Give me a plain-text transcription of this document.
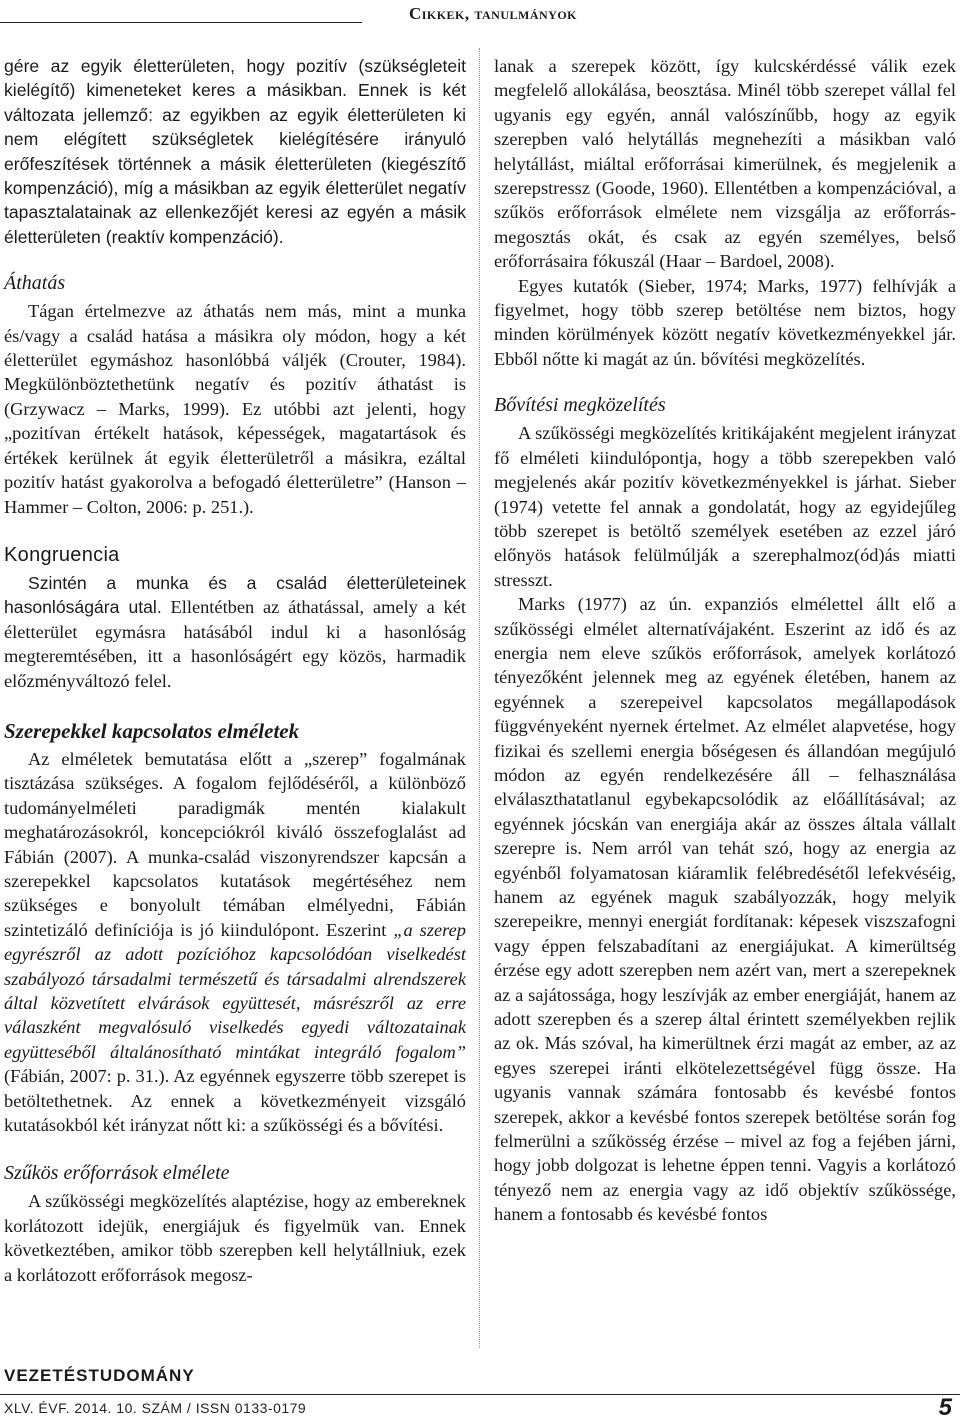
Cikkek, tanulmányok

gére az egyik életterületen, hogy pozitív (szükségleteit kielégítő) kimeneteket keres a másikban. Ennek is két változata jellemző: az egyikben az egyik életterületen ki nem elégített szükségletek kielégítésére irányuló erőfeszítések történnek a másik életterületen (kiegészítő kompenzáció), míg a másikban az egyik életterület negatív tapasztalatainak az ellenkezőjét keresi az egyén a másik életterületen (reaktív kompenzáció).

Áthatás

Tágan értelmezve az áthatás nem más, mint a munka és/vagy a család hatása a másikra oly módon, hogy a két életterület egymáshoz hasonlóbbá váljék (Crouter, 1984). Megkülönböztethetünk negatív és pozitív áthatást is (Grzywacz – Marks, 1999). Ez utóbbi azt jelenti, hogy „pozitívan értékelt hatások, képességek, magatartások és értékek kerülnek át egyik életterületről a másikra, ezáltal pozitív hatást gyakorolva a befogadó életterületre” (Hanson – Hammer – Colton, 2006: p. 251.).

Kongruencia

Szintén a munka és a család életterületeinek hasonlóságára utal. Ellentétben az áthatással, amely a két életterület egymásra hatásából indul ki a hasonlóság megteremtésében, itt a hasonlóságért egy közös, harmadik előzményváltozó felel.

Szerepekkel kapcsolatos elméletek

Az elméletek bemutatása előtt a „szerep” fogalmának tisztázása szükséges. A fogalom fejlődéséről, a különböző tudományelméleti paradigmák mentén kialakult meghatározásokról, koncepciókról kiváló összefoglalást ad Fábián (2007). A munka-család viszonyrendszer kapcsán a szerepekkel kapcsolatos kutatások megértéséhez nem szükséges e bonyolult témában elmélyedni, Fábián szintetizáló definíciója is jó kiindulópont. Eszerint „a szerep egyrészről az adott pozícióhoz kapcsolódóan viselkedést szabályozó társadalmi természetű és társadalmi alrendszerek által közvetített elvárások együttesét, másrészről az erre válaszként megvalósuló viselkedés egyedi változatainak együtteséből általánosítható mintákat integráló fogalom” (Fábián, 2007: p. 31.). Az egyénnek egyszerre több szerepet is betöltethetnek. Az ennek a következményeit vizsgáló kutatásokból két irányzat nőtt ki: a szűkösségi és a bővítési.

Szűkös erőforrások elmélete

A szűkösségi megközelítés alaptézise, hogy az embereknek korlátozott idejük, energiájuk és figyelmük van. Ennek következtében, amikor több szerepben kell helytállniuk, ezek a korlátozott erőforrások megosz-

lanak a szerepek között, így kulcskérdéssé válik ezek megfelelő allokálása, beosztása. Minél több szerepet vállal fel ugyanis egy egyén, annál valószínűbb, hogy az egyik szerepben való helytállás megnehezíti a másikban való helytállást, miáltal erőforrásai kimerülnek, és megjelenik a szerepstressz (Goode, 1960). Ellentétben a kompenzációval, a szűkös erőforrások elmélete nem vizsgálja az erőforrás-megosztás okát, és csak az egyén személyes, belső erőforrásaira fókuszál (Haar – Bardoel, 2008).

Egyes kutatók (Sieber, 1974; Marks, 1977) felhívják a figyelmet, hogy több szerep betöltése nem biztos, hogy minden körülmények között negatív következményekkel jár. Ebből nőtte ki magát az ún. bővítési megközelítés.

Bővítési megközelítés

A szűkösségi megközelítés kritikájaként megjelent irányzat fő elméleti kiindulópontja, hogy a több szerepekben való megjelenés akár pozitív következményekkel is járhat. Sieber (1974) vetette fel annak a gondolatát, hogy az egyidejűleg több szerepet is betöltő személyek esetében az ezzel járó előnyös hatások felülmúlják a szerephalmoz(ód)ás miatti stresszt.

Marks (1977) az ún. expanziós elmélettel állt elő a szűkösségi elmélet alternatívájaként. Eszerint az idő és az energia nem eleve szűkös erőforrások, amelyek korlátozó tényezőként jelennek meg az egyének életében, hanem az egyénnek a szerepeivel kapcsolatos megállapodások függvényeként nyernek értelmet. Az elmélet alapvetése, hogy fizikai és szellemi energia bőségesen és állandóan megújuló módon az egyén rendelkezésére áll – felhasználása elválaszthatatlanul egybekapcsolódik az előállításával; az egyénnek jócskán van energiája akár az összes általa vállalt szerepre is. Nem arról van tehát szó, hogy az energia az egyénből folyamatosan kiáramlik felébredésétől lefekvéséig, hanem az egyének maguk szabályozzák, hogy melyik szerepeikre, mennyi energiát fordítanak: képesek viszszafogni vagy éppen felszabadítani az energiájukat. A kimerültség érzése egy adott szerepben nem azért van, mert a szerepeknek az a sajátossága, hogy leszívják az ember energiáját, hanem az adott szerepben és a szerep által érintett személyekben rejlik az ok. Más szóval, ha kimerültnek érzi magát az ember, az az egyes szerepei iránti elkötelezettségével függ össze. Ha ugyanis vannak számára fontosabb és kevésbé fontos szerepek, akkor a kevésbé fontos szerepek betöltése során fog felmerülni a szűkösség érzése – mivel az fog a fejében járni, hogy jobb dolgozat is lehetne éppen tenni. Vagyis a korlátozó tényező nem az energia vagy az idő objektív szűkössége, hanem a fontosabb és kevésbé fontos

VEZETÉSTUDOMÁNY
XLV. ÉVF. 2014. 10. SZÁM / ISSN 0133-0179	5
